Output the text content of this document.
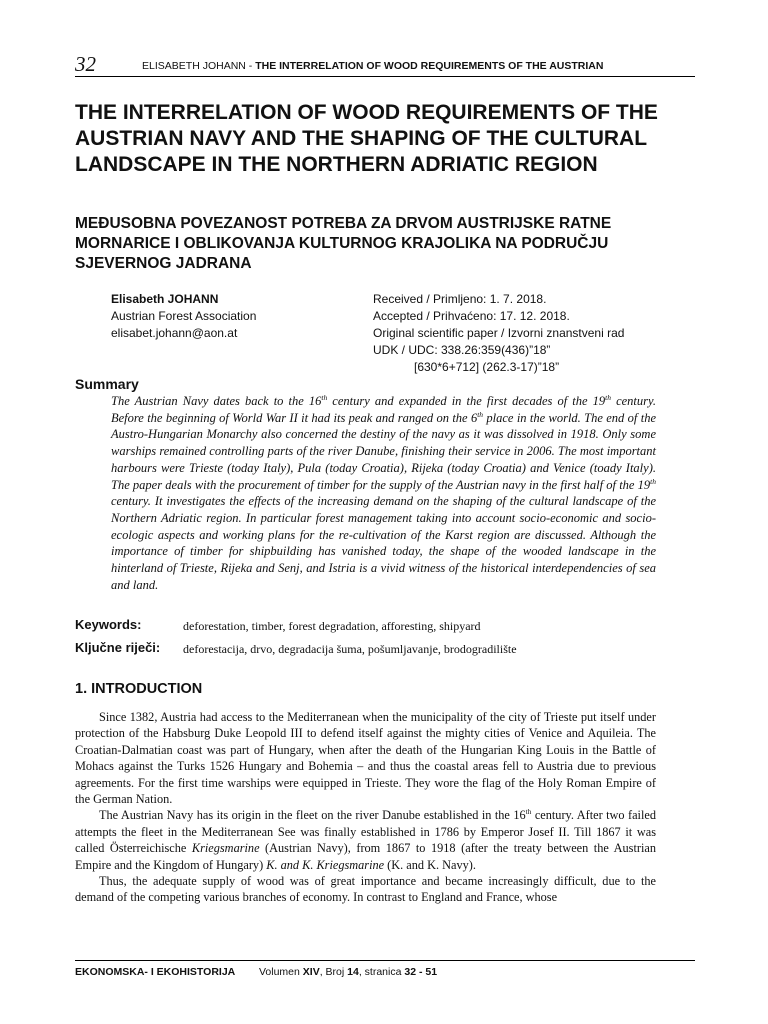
32	ELISABETH JOHANN - THE INTERRELATION OF WOOD REQUIREMENTS OF THE AUSTRIAN
THE INTERRELATION OF WOOD REQUIREMENTS OF THE AUSTRIAN NAVY AND THE SHAPING OF THE CULTURAL LANDSCAPE IN THE NORTHERN ADRIATIC REGION
MEĐUSOBNA POVEZANOST POTREBA ZA DRVOM AUSTRIJSKE RATNE MORNARICE I OBLIKOVANJA KULTURNOG KRAJOLIKA NA PODRUČJU SJEVERNOG JADRANA
Elisabeth JOHANN
Austrian Forest Association
elisabet.johann@aon.at
Received / Primljeno: 1. 7. 2018.
Accepted / Prihvaćeno: 17. 12. 2018.
Original scientific paper / Izvorni znanstveni rad
UDK / UDC: 338.26:359(436)”18”
[630*6+712] (262.3-17)”18”
Summary

The Austrian Navy dates back to the 16th century and expanded in the first decades of the 19th century. Before the beginning of World War II it had its peak and ranged on the 6th place in the world. The end of the Austro-Hungarian Monarchy also concerned the destiny of the navy as it was dissolved in 1918. Only some warships remained controlling parts of the river Danube, finishing their service in 2006. The most important harbours were Trieste (today Italy), Pula (today Croatia), Rijeka (today Croatia) and Venice (toady Italy). The paper deals with the procurement of timber for the supply of the Austrian navy in the first half of the 19th century. It investigates the effects of the increasing demand on the shaping of the cultural landscape of the Northern Adriatic region. In particular forest management taking into account socio-economic and socio-ecologic aspects and working plans for the re-cultivation of the Karst region are discussed. Although the importance of timber for shipbuilding has vanished today, the shape of the wooded landscape in the hinterland of Trieste, Rijeka and Senj, and Istria is a vivid witness of the historical interdependencies of sea and land.

Keywords:	deforestation, timber, forest degradation, afforesting, shipyard
Ključne riječi: deforestacija, drvo, degradacija šuma, pošumljavanje, brodogradilište
1. INTRODUCTION

Since 1382, Austria had access to the Mediterranean when the municipality of the city of Trieste put itself under protection of the Habsburg Duke Leopold III to defend itself against the mighty cities of Venice and Aquileia. The Croatian-Dalmatian coast was part of Hungary, when after the death of the Hungarian King Louis in the Battle of Mohacs against the Turks 1526 Hungary and Bohemia – and thus the coastal areas fell to Austria due to previous agreements. For the first time warships were equipped in Trieste. They wore the flag of the Holy Roman Empire of the German Nation.

The Austrian Navy has its origin in the fleet on the river Danube established in the 16th century. After two failed attempts the fleet in the Mediterranean See was finally established in 1786 by Emperor Josef II. Till 1867 it was called Österreichische Kriegsmarine (Austrian Navy), from 1867 to 1918 (after the treaty between the Austrian Empire and the Kingdom of Hungary) K. and K. Kriegsmarine (K. and K. Navy).

Thus, the adequate supply of wood was of great importance and became increasingly difficult, due to the demand of the competing various branches of economy. In contrast to England and France, whose

EKONOMSKA- I EKOHISTORIJA Volumen XIV, Broj 14, stranica 32 - 51
